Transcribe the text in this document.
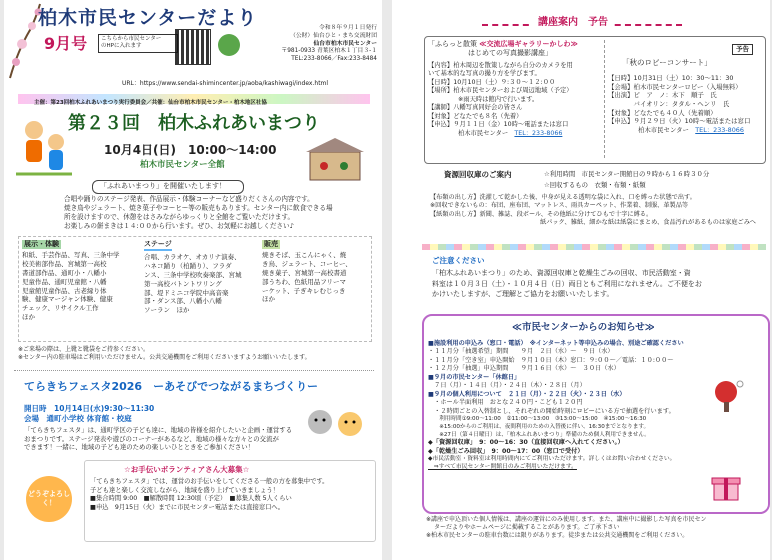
柏木市民センターだより
9月号	こちらから市民センター
のHPに入れます
令和８年９月１日発行
（公財）仙台ひと・まち交流財団
仙台市柏木市民センター
〒981-0933 青葉区柏木１丁目３-１
TEL:233-8066／Fax:233-8484
URL：https://www.sendai-shimincenter.jp/aoba/kashiwagi/index.html
主催：第23回柏木ふれあいまつり実行委員会／共催：仙台市柏木市民センター・柏木地区社協
第２３回　柏木ふれあいまつり
10月4日(日)　10:00〜14:00
柏木市民センター全館
「ふれあいまつり」を開催いたします！
合唱や踊りのステージ発表、作品展示・体験コーナーなど盛りだくさんの内容です。
焼き鳥やジェラート、焼き菓子やコーヒー等の販売もあります。センター内に飲食できる場
所を設けますので、休憩をはさみながらゆっくりと全館をご覧いただけます。
お楽しみの餅まきは１４:００から行います。ぜひ、お気軽にお越しください♪
展示・体験
和紙、手芸作品、写真、三条中学
校美術部作品、宮城第一高校
書道部作品、通町小・八幡小
児童作品、通町児童館・八幡
児童館児童作品、古老縁り体
験、健康マージャン体験、健康
チェック、リサイクル工作
ほか
ステージ
合唱、カラオケ、オカリナ演奏、
ハネコ踊り（柏踊り）、フラダ
ンス、三条中学校吹奏楽部、宮城
第一高校バトントワリング
部、堤ドミニコ学院中高音楽
部・ダンス部、八幡小八幡
ソーラン　ほか
販売
焼きそば、玉こんにゃく、焼
き鳥、ジェラート、コーヒー、
焼き菓子、宮城第一高校書道
部うちわ、色紙用品フリーマ
ーケット、子ぎキレむじっき
ほか
※ご来場の際は、上靴と靴袋をご持参ください。
※センター内の駐車場はご利用いただけません。公共交通機関をご利用くださいますようお願いいたします。
てらきちフェスタ2026　ーあそびでつながるまちづくりー
開日時　10月14日(水)9:30〜11:30
会場　通町小学校 体育館・校庭
「てらきちフェスタ」は、通町学区の子ども達に、地域の皆様を紹介したいと企画・運営する
おまつりです。ステージ発表や遊びのコーナーがあるなど、地域の様々な方々との交流が
できます！一緒に、地域の子ども達のための楽しいひとときをご参加ください！
☆お手伝いボランティアさん大募集☆
「てらきちフェスタ」では、運営のお手伝いをしてくださる一般の方を募集中です。
子ども達と楽しく交流しながら、地域を盛り上げていきましょう！
■集合時間 9:00　■解散時間 12:30頃（予定）　■募集人数 5人くらい
■申込　9月15日（火）までに市民センター電話または直接窓口へ。
どうぞよろしく！
講座案内　予告
「ふらっと散策 ≪交流広場ギャラリーかしわ≫
はじめての写真撮影講座」
【内容】柏木周辺を散策しながら自分のカメラを用
いて基本的な写真の撮り方を学びます。
【日時】10月10日（土）９:３０〜１２:００
【場所】柏木市民センターおよび周辺地域（予定）
※雨天時は館内で行います。
【講師】八幡写真同好会の皆さん
【対象】どなたでも８名（先着）
【申込】９月１１日（金）10時〜電話または窓口
柏木市民センター　 TEL：233-8066
予告
「秋のロビーコンサート」
【日時】10月31日（土）10：30〜11：30
【会場】柏木市民センターロビー（入場無料）
【出演】ピ　ア　ノ：木下　順子　氏
　　　　バイオリン：タタル・ヘンリ　氏
【対象】どなたでも４０人（先着順）
【申込】９月２９日（火）10時〜電話または窓口
柏木市民センター　 TEL：233-8066
資源回収庫のご案内	☆利用時間　市民センター開館日の９時から１６時３０分
☆回収するもの　衣類・布類・紙類
【布類の出し方】洗濯して乾かした後、中身が見える透明な袋に入れ、口を縛った状態で出す。
※回収できないもの：布団、座布団、マットレス、雨具カーペット、作業着、制服、革製品等
【紙類の出し方】新聞、雑誌、段ボール、その他紙に分けてひもで十字に縛る。
紙パック、雑紙、細かな紙は紙袋にまとめ、食品汚れがあるものは家庭ごみへ
ご注意ください
「柏木ふれあいまつり」のため、資源回収庫と乾燥生ごみの回収、市民活動室・資
料室は１０月３日（土）・１０月４日（日）両日ともご利用になれません。ご不便をお
かけいたしますが、ご理解とご協力をお願いいたします。
≪市民センターからのお知らせ≫
■施設利用の申込み（窓口・電話）　※インターネット等申込みの場合、別途ご確認ください
・１１月分「抽選希望」期間　　９月　２日（水）〜　９日（水）
・１１月分「空き室」申込開始　９月１０日（木）窓口：９:００〜／電話：１０:００〜
・１２月分「抽選」申込期間　　９月１６日（水）〜　３０日（水）
■９月の市民センター「休館日」
　７日（月）・１４日（月）・２４日（木）・２８日（月）
■９月の個人利用について　２１日（月）・２２日（火）・２３日（水）
　・ホール半面利用　おとな２４０円・こども１２０円
　・２時間ごとの入替制とし、それぞれの開始時刻にロビーにいる方で抽選を行います。
　　利用時間①9:00〜11:00　②11:00〜13:00　③13:00〜15:00　④15:00〜16:30
　　※15:00からのご利用は、夜間利用のための入替後に伴い、16:30までとなります。
　　※27日（第４日曜日）は、「柏木ふれあいまつり」準備のため個人利用できません。
◆「資源回収庫」　9：00〜16：30（直接回収庫へ入れてください。）
◆「乾燥生ごみ回収」　9：00〜17：00（窓口で受付）
◆市民活動室・資料室は利用時間内にてご利用いただけます。詳しくはお問い合わせください。
　⇒すべて市民センター開館日のみご利用いただけます。
※講座で申込頂いた個人情報は、講座の運営にのみ使用します。また、講座中に撮影した写真を市民セン
ターだよりやホームページに掲載することがあります。ご了承下さい
※柏木市民センターの駐車台数には限りがあります。徒歩または公共交通機関をご利用ください。
